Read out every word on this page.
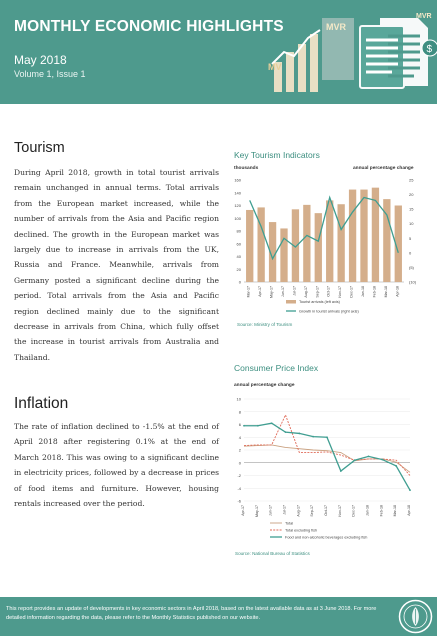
MONTHLY ECONOMIC HIGHLIGHTS
May 2018
Volume 1, Issue 1
MVR
MV
MVR
$
Tourism

During April 2018, growth in total tourist arrivals remain unchanged in annual terms. Total arrivals from the European market increased, while the number of arrivals from the Asia and Pacific region declined. The growth in the European market was largely due to increase in arrivals from the UK, Russia and France. Meanwhile, arrivals from Germany posted a significant decline during the period. Total arrivals from the Asia and Pacific region declined mainly due to the significant decrease in arrivals from China, which fully offset the increase in tourist arrivals from Australia and Thailand.

Key Tourism Indicators
thousands	annual percentage change
0
20
40
60
80
100
120
140
160
(10)
(5)
0
5
10
15
20
25
Mar-17 Apr-17 May-17 Jun-17 Jul-17 Aug-17 Sep-17 Oct-17 Nov-17 Dec-17 Jan-18 Feb-18 Mar-18 Apr-18
Tourist arrivals (left axis)
Growth in tourist arrivals (right axis)
Source: Ministry of Tourism
Inflation

The rate of inflation declined to -1.5% at the end of April 2018 after registering 0.1% at the end of March 2018. This was owing to a significant decline in electricity prices, followed by a decrease in prices of food items and furniture. However, housing rentals increased over the period.

Consumer Price Index
annual percentage change
-6
-4
-2
0
2
4
6
8
10
Apr-17	May-17	Jun-17	Jul-17	Aug-17	Sep-17	Oct-17	Nov-17	Dec-17	Jan-18	Feb-18	Mar-18	Apr-18
Total
Total excluding fish
Food and non-alcoholic beverages excluding fish
Source: National Bureau of Statistics

This report provides an update of developments in key economic sectors in April 2018, based on the latest available data as at 3 June 2018. For more detailed information regarding the data, please refer to the Monthly Statistics published on our website.
